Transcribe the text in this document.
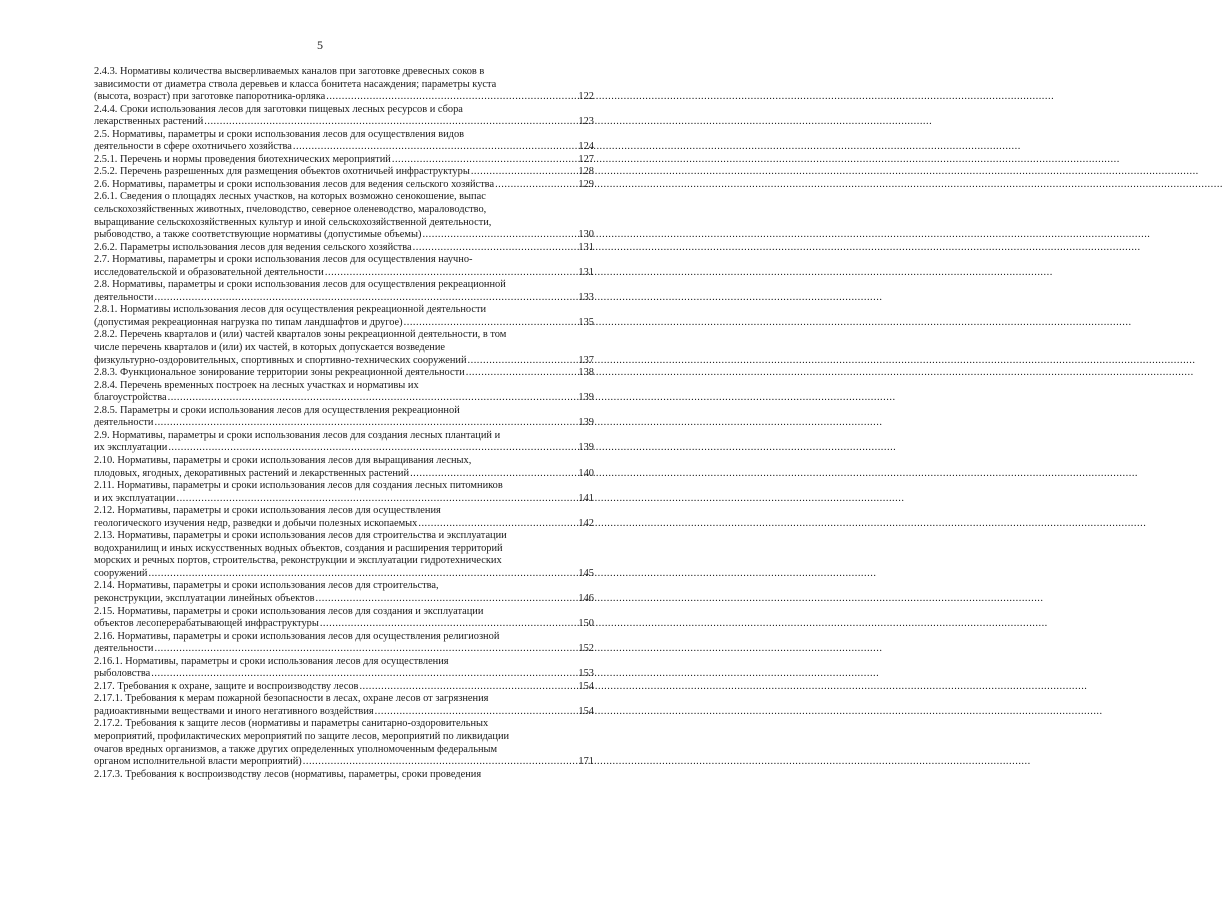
5
2.4.3. Нормативы количества высверливаемых каналов при заготовке древесных соков в
зависимости от диаметра ствола деревьев и класса бонитета насаждения; параметры куста
(высота, возраст) при заготовке папоротника-орляка .....	122
2.4.4. Сроки использования лесов для заготовки пищевых лесных ресурсов и сбора
лекарственных растений .....	123
2.5. Нормативы, параметры и сроки использования лесов для осуществления видов
деятельности в сфере охотничьего хозяйства .....	124
2.5.1. Перечень и нормы проведения биотехнических мероприятий .....	127
2.5.2. Перечень разрешенных для размещения объектов охотничьей инфраструктуры .....	128
2.6. Нормативы, параметры и сроки использования лесов для ведения сельского хозяйства .....	129
2.6.1. Сведения о площадях лесных участков, на которых возможно сенокошение, выпас
сельскохозяйственных животных, пчеловодство, северное оленеводство, мараловодство,
выращивание сельскохозяйственных культур и иной сельскохозяйственной деятельности,
рыбоводство, а также соответствующие нормативы (допустимые объемы) .....	130
2.6.2. Параметры использования лесов для ведения сельского хозяйства .....	131
2.7. Нормативы, параметры и сроки использования лесов для осуществления научно-
исследовательской и образовательной деятельности .....	131
2.8. Нормативы, параметры и сроки использования лесов для осуществления рекреационной
деятельности .....	133
2.8.1. Нормативы использования лесов для осуществления рекреационной деятельности
(допустимая рекреационная нагрузка по типам ландшафтов и другое) .....	135
2.8.2. Перечень кварталов и (или) частей кварталов зоны рекреационной деятельности, в том
числе перечень кварталов и (или) их частей, в которых допускается возведение
физкультурно-оздоровительных, спортивных и спортивно-технических сооружений .....	137
2.8.3. Функциональное зонирование территории зоны рекреационной деятельности .....	138
2.8.4. Перечень временных построек на лесных участках и нормативы их
благоустройства .....	139
2.8.5. Параметры и сроки использования лесов для осуществления рекреационной
деятельности .....	139
2.9. Нормативы, параметры и сроки использования лесов для создания лесных плантаций и
их эксплуатации .....	139
2.10. Нормативы, параметры и сроки использования лесов для выращивания лесных,
плодовых, ягодных, декоративных растений и лекарственных растений .....	140
2.11. Нормативы, параметры и сроки использования лесов для создания лесных питомников
и их эксплуатации .....	141
2.12. Нормативы, параметры и сроки использования лесов для осуществления
геологического изучения недр, разведки и добычи полезных ископаемых .....	142
2.13. Нормативы, параметры и сроки использования лесов для строительства и эксплуатации
водохранилищ и иных искусственных водных объектов, создания и расширения территорий
морских и речных портов, строительства, реконструкции и эксплуатации гидротехнических
сооружений .....	145
2.14. Нормативы, параметры и сроки использования лесов для строительства,
реконструкции, эксплуатации линейных объектов .....	146
2.15. Нормативы, параметры и сроки использования лесов для создания и эксплуатации
объектов лесоперерабатывающей инфраструктуры .....	150
2.16. Нормативы, параметры и сроки использования лесов для осуществления религиозной
деятельности .....	152
2.16.1. Нормативы, параметры и сроки использования лесов для осуществления
рыболовства .....	153
2.17. Требования к охране, защите и воспроизводству лесов .....	154
2.17.1. Требования к мерам пожарной безопасности в лесах, охране лесов от загрязнения
радиоактивными веществами и иного негативного воздействия .....	154
2.17.2. Требования к защите лесов (нормативы и параметры санитарно-оздоровительных
мероприятий, профилактических мероприятий по защите лесов, мероприятий по ликвидации
очагов вредных организмов, а также других определенных уполномоченным федеральным
органом исполнительной власти мероприятий) .....	171
2.17.3. Требования к воспроизводству лесов (нормативы, параметры, сроки проведения
